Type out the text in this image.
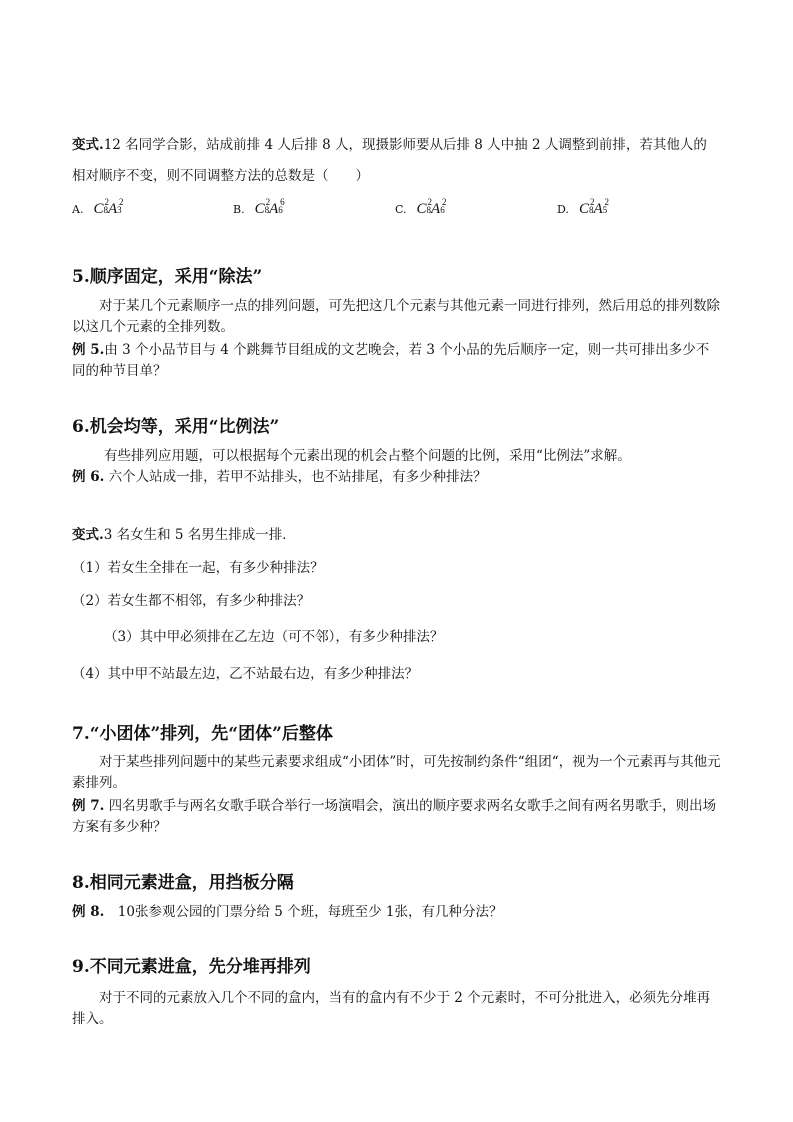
变式.12 名同学合影，站成前排 4 人后排 8 人，现摄影师要从后排 8 人中抽 2 人调整到前排，若其他人的
相对顺序不变，则不同调整方法的总数是（　　）
A. C8
2 A3
2
B. C8
2 A6
6
C. C8
2 A6
2
D. C8
2 A5
2
5.顺序固定，采用“除法”
对于某几个元素顺序一点的排列问题，可先把这几个元素与其他元素一同进行排列，然后用总的排列数除以这几个元素的全排列数。
例 5.由 3 个小品节目与 4 个跳舞节目组成的文艺晚会，若 3 个小品的先后顺序一定，则一共可排出多少不同的种节目单？
6.机会均等，采用“比例法”
有些排列应用题，可以根据每个元素出现的机会占整个问题的比例，采用“比例法”求解。
例 6. 六个人站成一排，若甲不站排头，也不站排尾，有多少种排法？
变式.3 名女生和 5 名男生排成一排．
（1）若女生全排在一起，有多少种排法？
（2）若女生都不相邻，有多少种排法？
（3）其中甲必须排在乙左边（可不邻），有多少种排法？
（4）其中甲不站最左边，乙不站最右边，有多少种排法？
7.“小团体”排列，先“团体”后整体
对于某些排列问题中的某些元素要求组成“小团体”时，可先按制约条件“组团“，视为一个元素再与其他元素排列。
例 7. 四名男歌手与两名女歌手联合举行一场演唱会，演出的顺序要求两名女歌手之间有两名男歌手，则出场方案有多少种？
8.相同元素进盒，用挡板分隔
例 8.　10张参观公园的门票分给 5 个班，每班至少 1张，有几种分法？
9.不同元素进盒，先分堆再排列
对于不同的元素放入几个不同的盒内，当有的盒内有不少于 2 个元素时，不可分批进入，必须先分堆再排入。
